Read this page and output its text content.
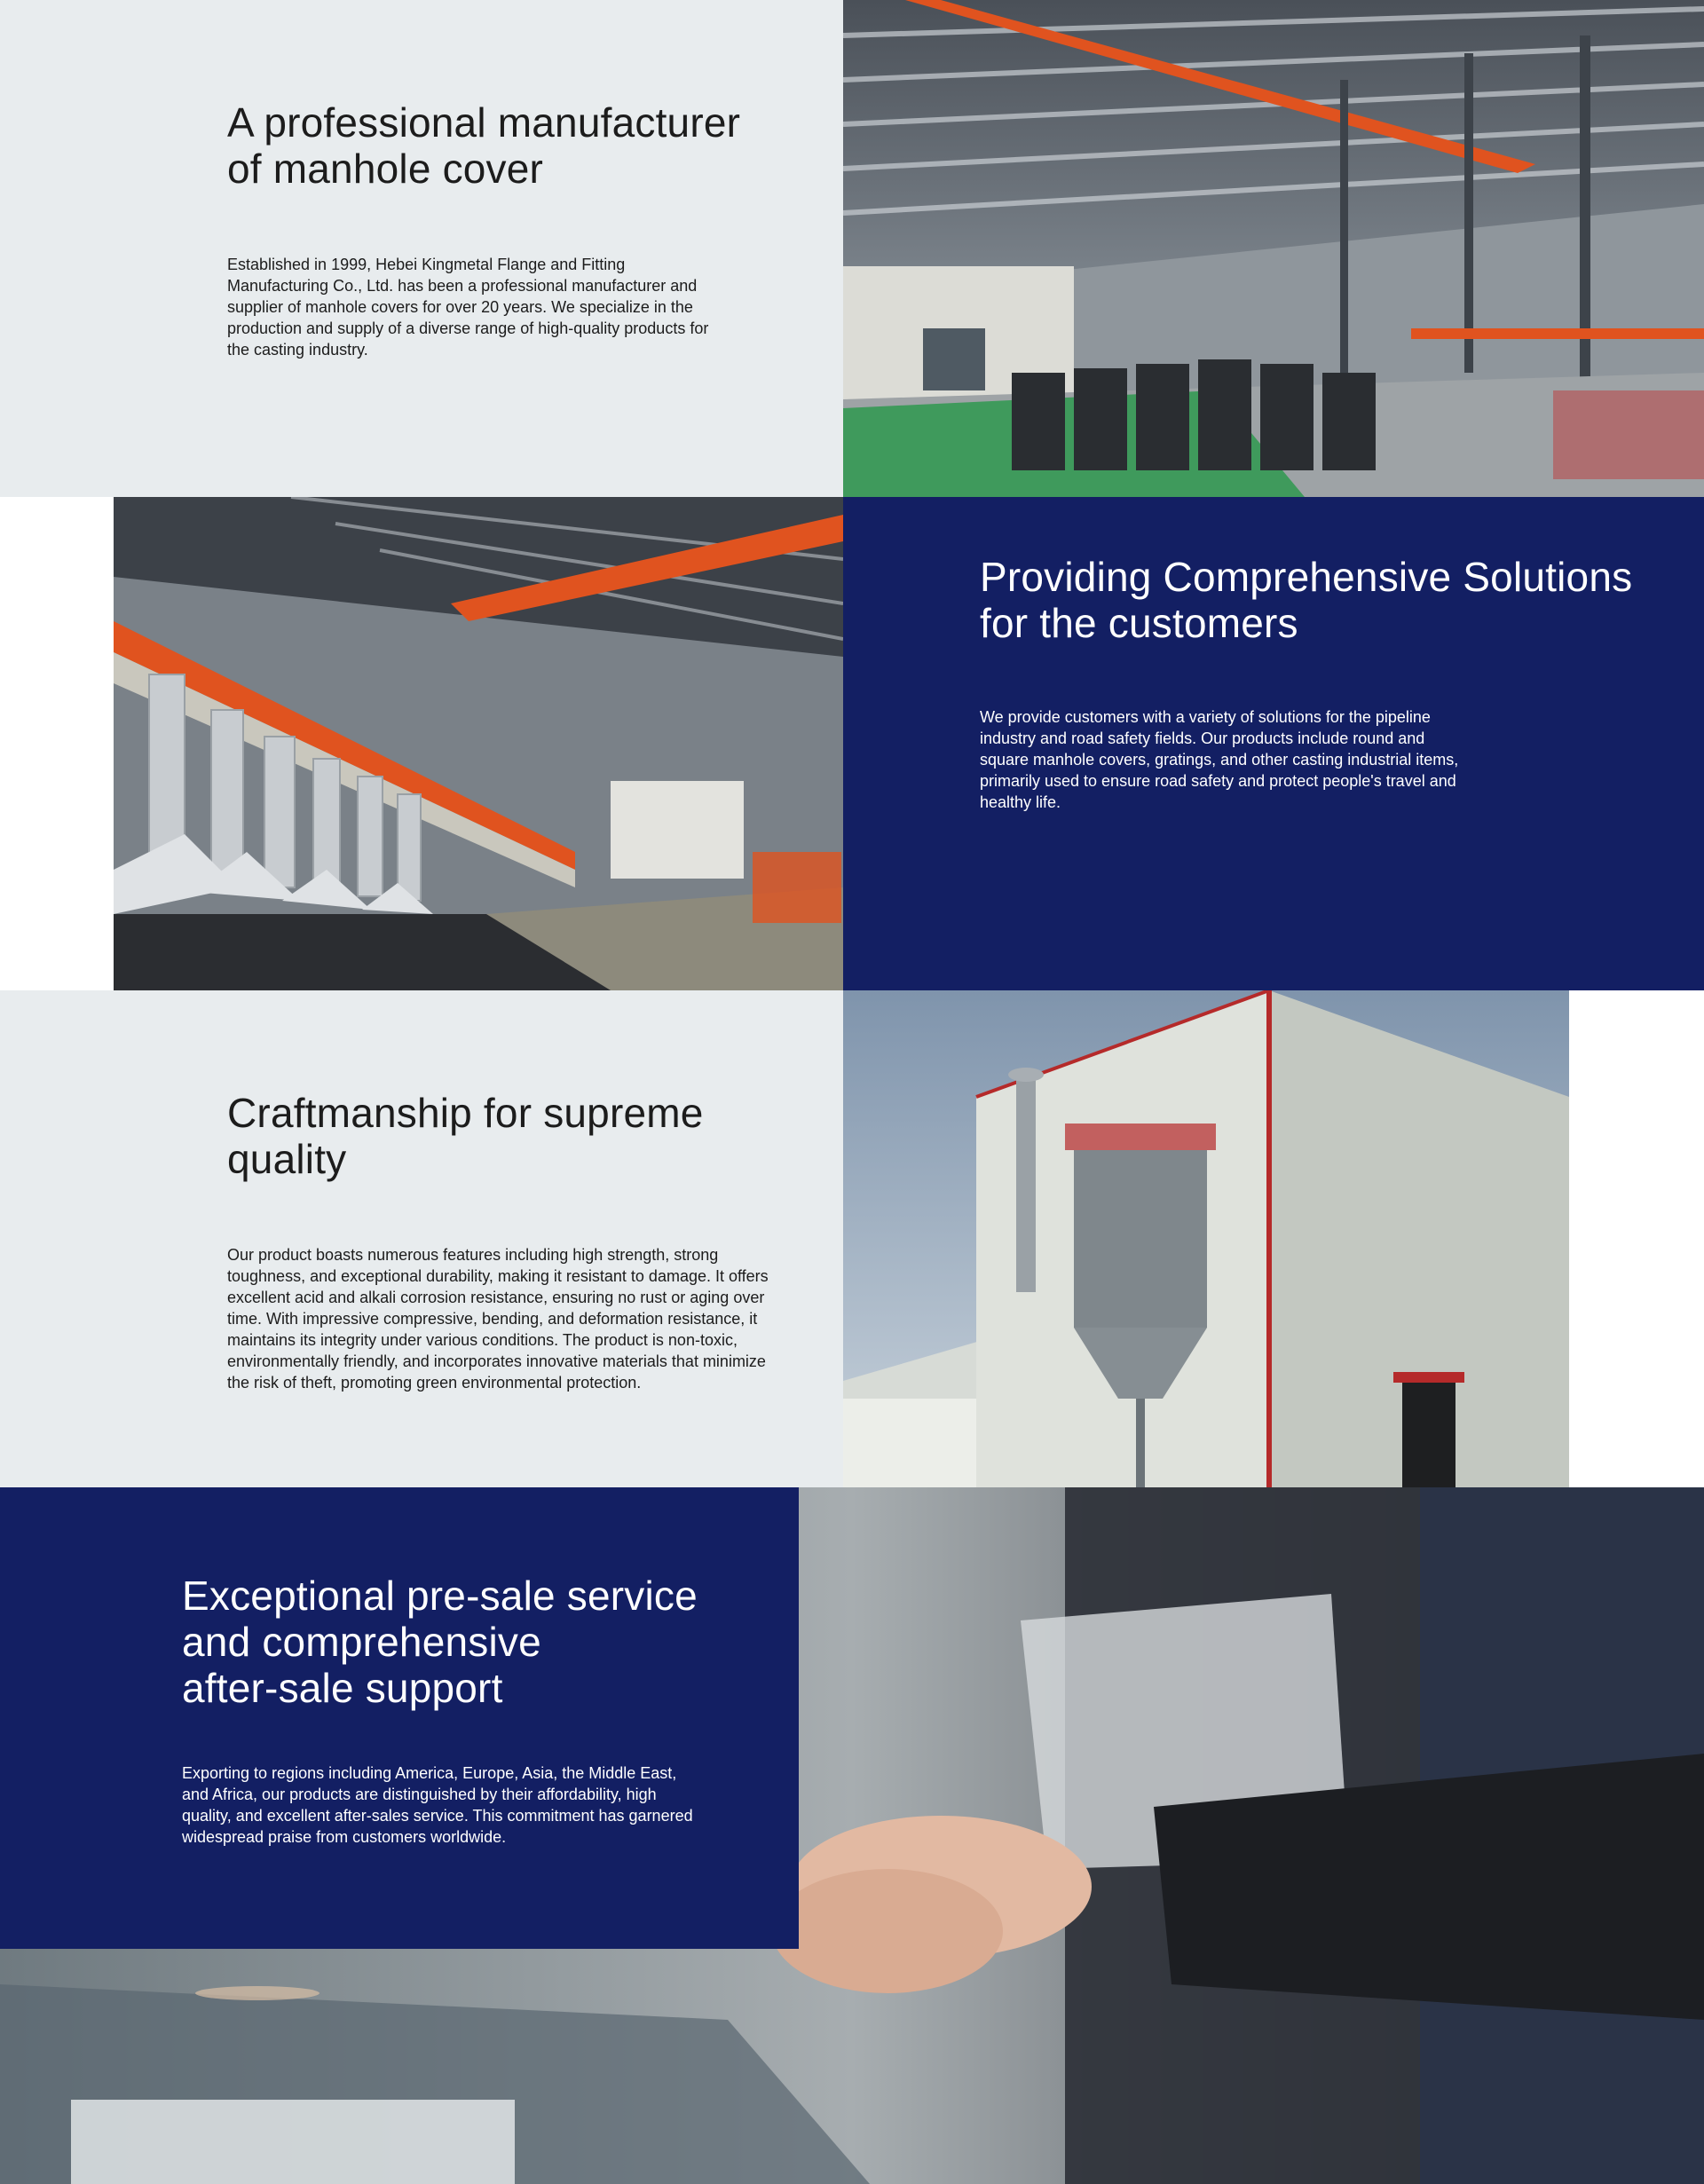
A professional manufacturer
of manhole cover

Established in 1999, Hebei Kingmetal Flange and Fitting Manufacturing Co., Ltd. has been a professional manufacturer and supplier of manhole covers for over 20 years. We specialize in the production and supply of a diverse range of high-quality products for the casting industry.

Providing Comprehensive Solutions
for the customers

We provide customers with a variety of solutions for the pipeline industry and road safety fields. Our products include round and square manhole covers, gratings, and other casting industrial items, primarily used to ensure road safety and protect people's travel and healthy life.

Craftmanship for supreme
quality

Our product boasts numerous features including high strength, strong toughness, and exceptional durability, making it resistant to damage. It offers excellent acid and alkali corrosion resistance, ensuring no rust or aging over time. With impressive compressive, bending, and deformation resistance, it maintains its integrity under various conditions. The product is non-toxic, environmentally friendly, and incorporates innovative materials that minimize the risk of theft, promoting green environmental protection.

Exceptional pre-sale service
and comprehensive
after-sale support

Exporting to regions including America, Europe, Asia, the Middle East, and Africa, our products are distinguished by their affordability, high quality, and excellent after-sales service. This commitment has garnered widespread praise from customers worldwide.
